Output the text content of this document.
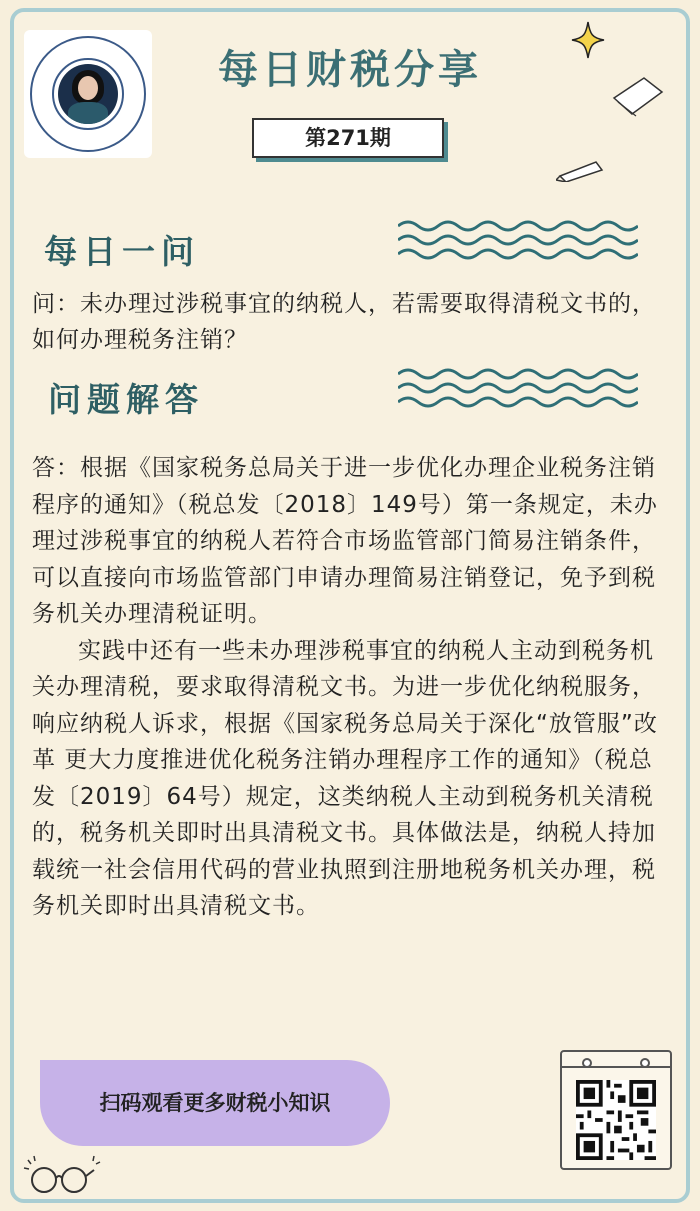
每日财税分享
第271期
每日一问
问：未办理过涉税事宜的纳税人，若需要取得清税文书的，如何办理税务注销？
问题解答

答：根据《国家税务总局关于进一步优化办理企业税务注销程序的通知》（税总发〔2018〕149号）第一条规定，未办理过涉税事宜的纳税人若符合市场监管部门简易注销条件，可以直接向市场监管部门申请办理简易注销登记，免予到税务机关办理清税证明。

实践中还有一些未办理涉税事宜的纳税人主动到税务机关办理清税，要求取得清税文书。为进一步优化纳税服务，响应纳税人诉求，根据《国家税务总局关于深化“放管服”改革 更大力度推进优化税务注销办理程序工作的通知》（税总发〔2019〕64号）规定，这类纳税人主动到税务机关清税的，税务机关即时出具清税文书。具体做法是，纳税人持加载统一社会信用代码的营业执照到注册地税务机关办理，税务机关即时出具清税文书。

扫码观看更多财税小知识
